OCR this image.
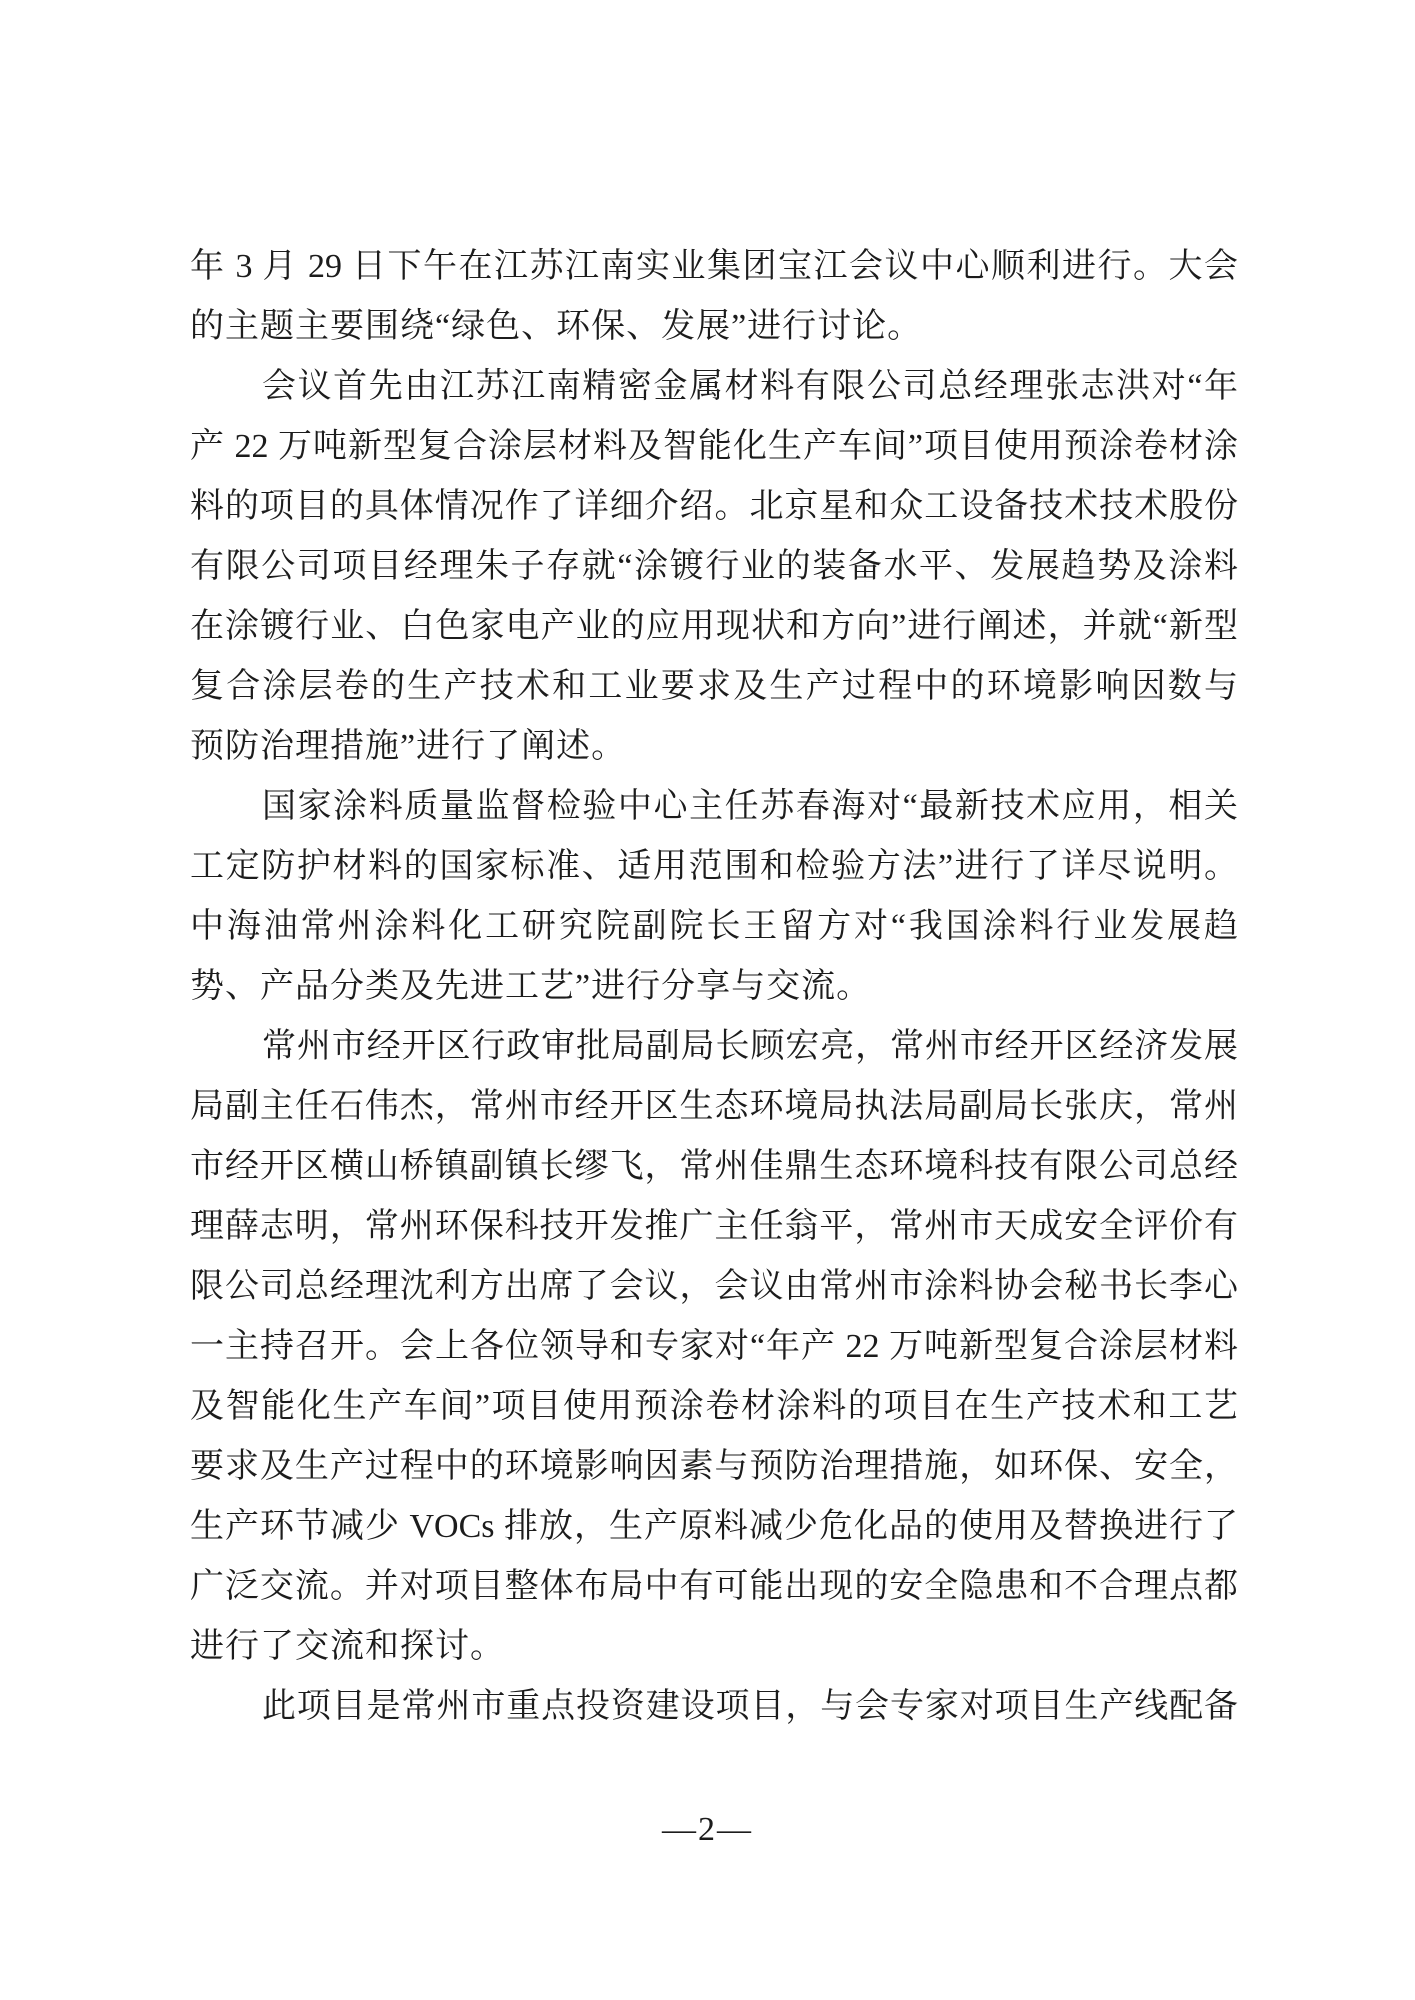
年 3 月 29 日下午在江苏江南实业集团宝江会议中心顺利进行。大会
的主题主要围绕“绿色、环保、发展”进行讨论。
会议首先由江苏江南精密金属材料有限公司总经理张志洪对“年
产 22 万吨新型复合涂层材料及智能化生产车间”项目使用预涂卷材涂
料的项目的具体情况作了详细介绍。北京星和众工设备技术技术股份
有限公司项目经理朱子存就“涂镀行业的装备水平、发展趋势及涂料
在涂镀行业、白色家电产业的应用现状和方向”进行阐述，并就“新型
复合涂层卷的生产技术和工业要求及生产过程中的环境影响因数与
预防治理措施”进行了阐述。
国家涂料质量监督检验中心主任苏春海对“最新技术应用，相关
工定防护材料的国家标准、适用范围和检验方法”进行了详尽说明。
中海油常州涂料化工研究院副院长王留方对“我国涂料行业发展趋
势、产品分类及先进工艺”进行分享与交流。
常州市经开区行政审批局副局长顾宏亮，常州市经开区经济发展
局副主任石伟杰，常州市经开区生态环境局执法局副局长张庆，常州
市经开区横山桥镇副镇长缪飞，常州佳鼎生态环境科技有限公司总经
理薛志明，常州环保科技开发推广主任翁平，常州市天成安全评价有
限公司总经理沈利方出席了会议，会议由常州市涂料协会秘书长李心
一主持召开。会上各位领导和专家对“年产 22 万吨新型复合涂层材料
及智能化生产车间”项目使用预涂卷材涂料的项目在生产技术和工艺
要求及生产过程中的环境影响因素与预防治理措施，如环保、安全，
生产环节减少 VOCs 排放，生产原料减少危化品的使用及替换进行了
广泛交流。并对项目整体布局中有可能出现的安全隐患和不合理点都
进行了交流和探讨。
此项目是常州市重点投资建设项目，与会专家对项目生产线配备
—2—
